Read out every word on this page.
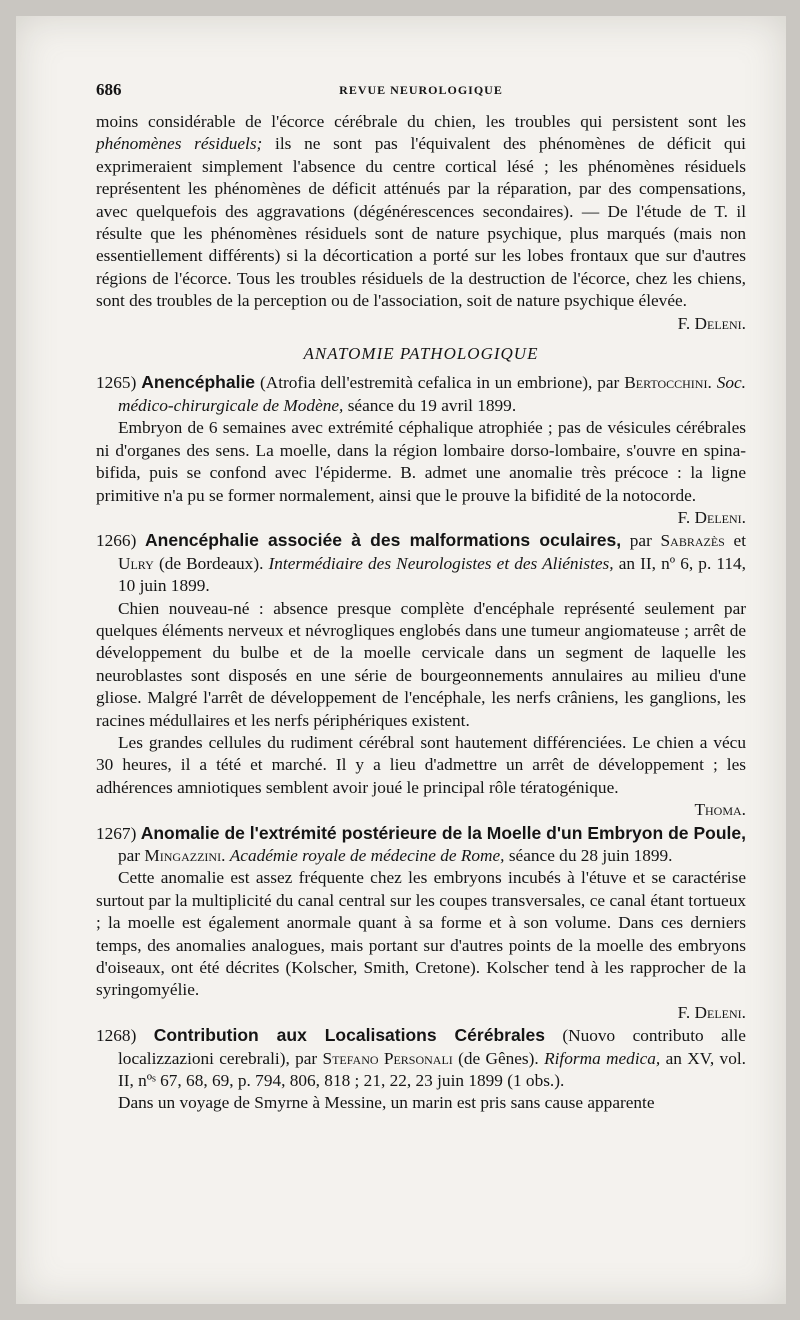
686	REVUE NEUROLOGIQUE

moins considérable de l'écorce cérébrale du chien, les troubles qui persistent sont les phénomènes résiduels; ils ne sont pas l'équivalent des phénomènes de déficit qui exprimeraient simplement l'absence du centre cortical lésé ; les phénomènes résiduels représentent les phénomènes de déficit atténués par la réparation, par des compensations, avec quelquefois des aggravations (dégénérescences secondaires). — De l'étude de T. il résulte que les phénomènes résiduels sont de nature psychique, plus marqués (mais non essentiellement différents) si la décortication a porté sur les lobes frontaux que sur d'autres régions de l'écorce. Tous les troubles résiduels de la destruction de l'écorce, chez les chiens, sont des troubles de la perception ou de l'association, soit de nature psychique élevée.

F. Deleni.

ANATOMIE PATHOLOGIQUE

1265) Anencéphalie (Atrofia dell'estremità cefalica in un embrione), par Bertocchini. Soc. médico-chirurgicale de Modène, séance du 19 avril 1899.

Embryon de 6 semaines avec extrémité céphalique atrophiée ; pas de vésicules cérébrales ni d'organes des sens. La moelle, dans la région lombaire dorso-lombaire, s'ouvre en spina-bifida, puis se confond avec l'épiderme. B. admet une anomalie très précoce : la ligne primitive n'a pu se former normalement, ainsi que le prouve la bifidité de la notocorde.

F. Deleni.

1266) Anencéphalie associée à des malformations oculaires, par Sabrazès et Ulry (de Bordeaux). Intermédiaire des Neurologistes et des Aliénistes, an II, nº 6, p. 114, 10 juin 1899.

Chien nouveau-né : absence presque complète d'encéphale représenté seulement par quelques éléments nerveux et névrogliques englobés dans une tumeur angiomateuse ; arrêt de développement du bulbe et de la moelle cervicale dans un segment de laquelle les neuroblastes sont disposés en une série de bourgeonnements annulaires au milieu d'une gliose. Malgré l'arrêt de développement de l'encéphale, les nerfs crâniens, les ganglions, les racines médullaires et les nerfs périphériques existent.

Les grandes cellules du rudiment cérébral sont hautement différenciées. Le chien a vécu 30 heures, il a tété et marché. Il y a lieu d'admettre un arrêt de développement ; les adhérences amniotiques semblent avoir joué le principal rôle tératogénique.

Thoma.

1267) Anomalie de l'extrémité postérieure de la Moelle d'un Embryon de Poule, par Mingazzini. Académie royale de médecine de Rome, séance du 28 juin 1899.

Cette anomalie est assez fréquente chez les embryons incubés à l'étuve et se caractérise surtout par la multiplicité du canal central sur les coupes transversales, ce canal étant tortueux ; la moelle est également anormale quant à sa forme et à son volume. Dans ces derniers temps, des anomalies analogues, mais portant sur d'autres points de la moelle des embryons d'oiseaux, ont été décrites (Kolscher, Smith, Cretone). Kolscher tend à les rapprocher de la syringomyélie.

F. Deleni.

1268) Contribution aux Localisations Cérébrales (Nuovo contributo alle localizzazioni cerebrali), par Stefano Personali (de Gênes). Riforma medica, an XV, vol. II, nºˢ 67, 68, 69, p. 794, 806, 818 ; 21, 22, 23 juin 1899 (1 obs.).

Dans un voyage de Smyrne à Messine, un marin est pris sans cause apparente
